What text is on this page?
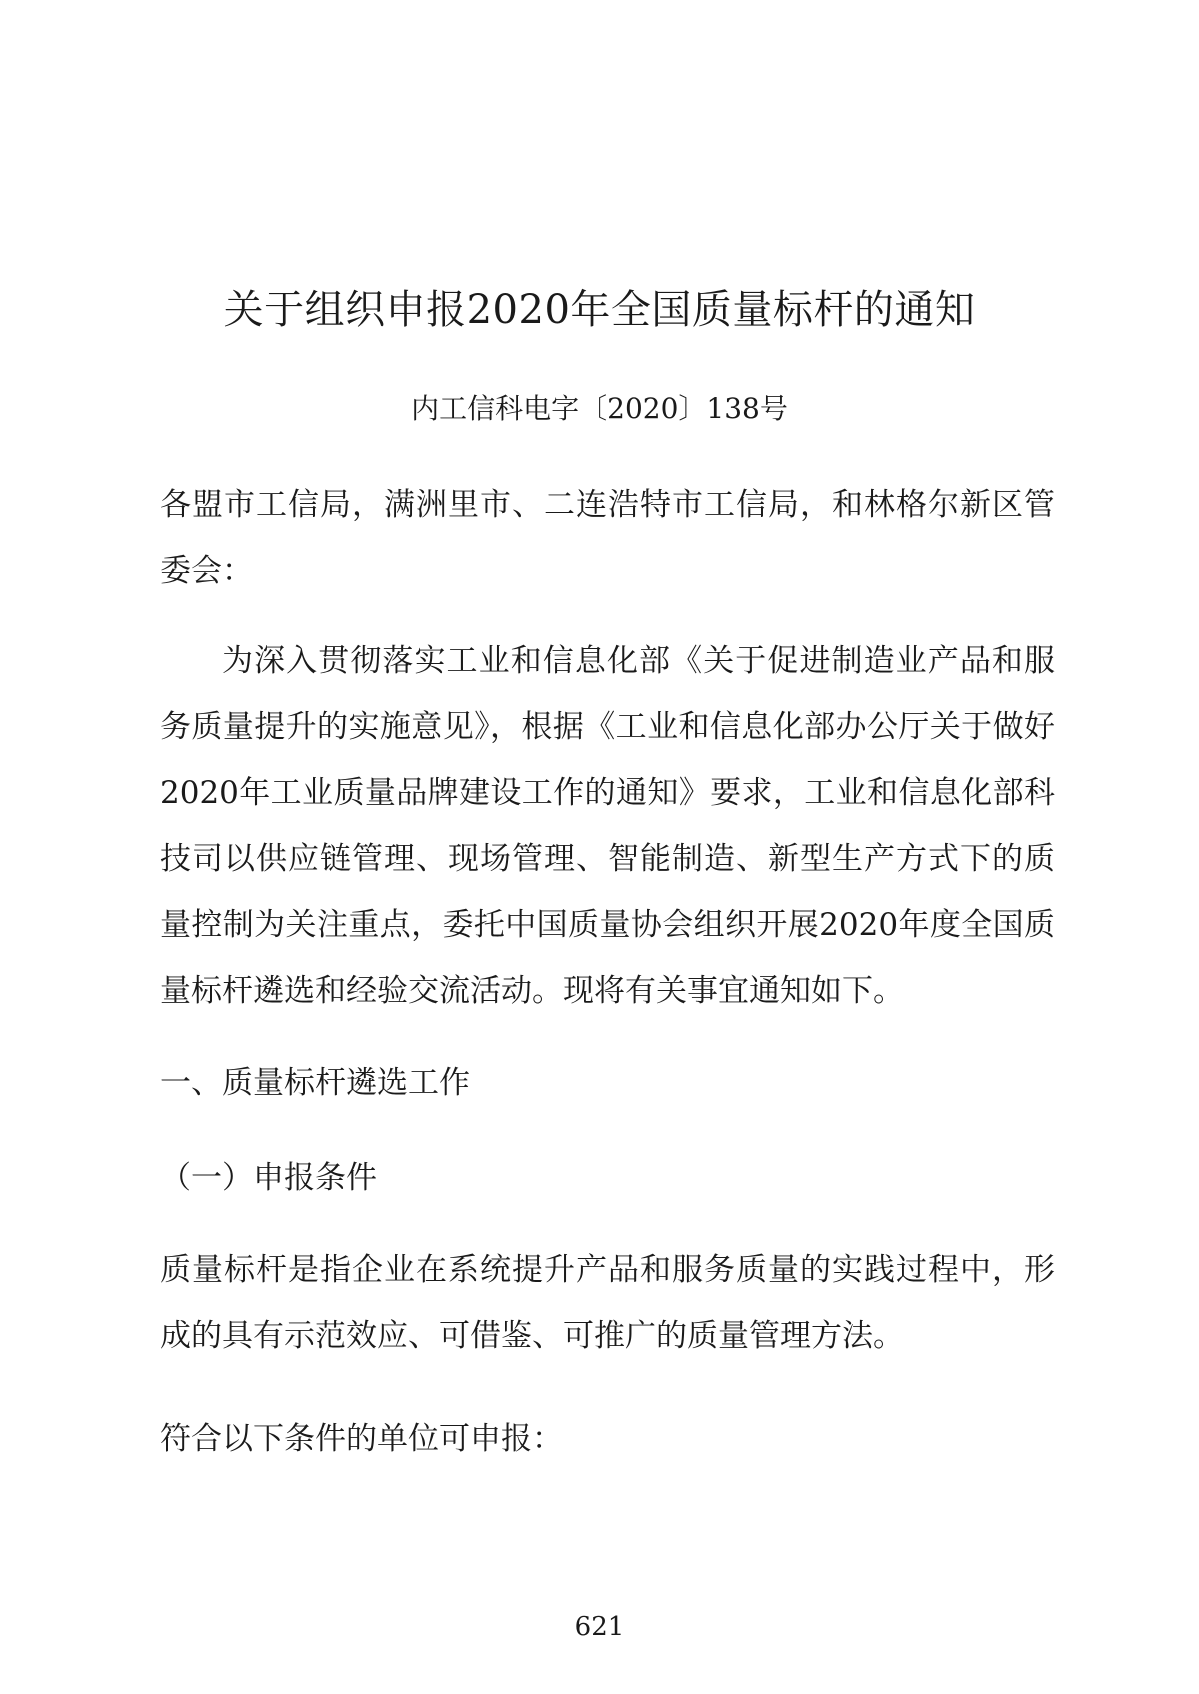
关于组织申报2020年全国质量标杆的通知
内工信科电字〔2020〕138号

各盟市工信局，满洲里市、二连浩特市工信局，和林格尔新区管委会：

为深入贯彻落实工业和信息化部《关于促进制造业产品和服务质量提升的实施意见》，根据《工业和信息化部办公厅关于做好2020年工业质量品牌建设工作的通知》要求，工业和信息化部科技司以供应链管理、现场管理、智能制造、新型生产方式下的质量控制为关注重点，委托中国质量协会组织开展2020年度全国质量标杆遴选和经验交流活动。现将有关事宜通知如下。

一、质量标杆遴选工作

（一）申报条件

质量标杆是指企业在系统提升产品和服务质量的实践过程中，形成的具有示范效应、可借鉴、可推广的质量管理方法。

符合以下条件的单位可申报：

621
